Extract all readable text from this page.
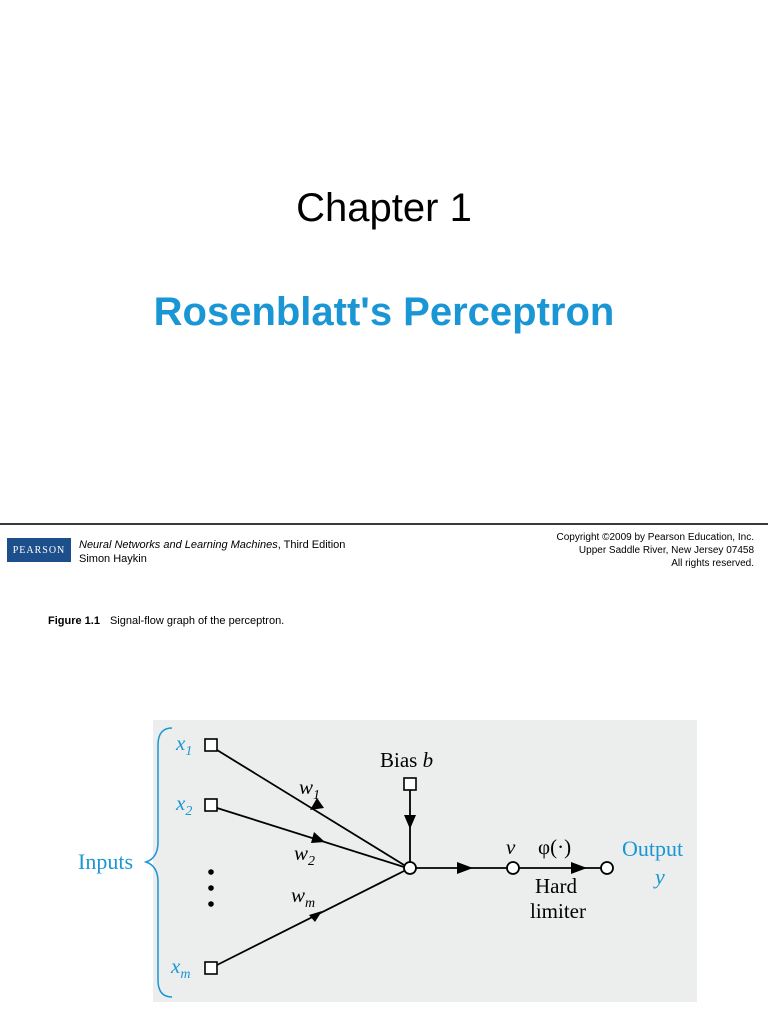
Chapter 1
Rosenblatt's Perceptron
PEARSON	Neural Networks and Learning Machines, Third Edition
Simon Haykin
Copyright ©2009 by Pearson Education, Inc.
Upper Saddle River, New Jersey 07458
All rights reserved.
Figure 1.1 Signal-flow graph of the perceptron.
Inputs
$x_1$
$x_2$
$x_m$
$w_1$
$w_2$
$w_m$
Bias b
v φ(·)
Hard
limiter
Output
y
